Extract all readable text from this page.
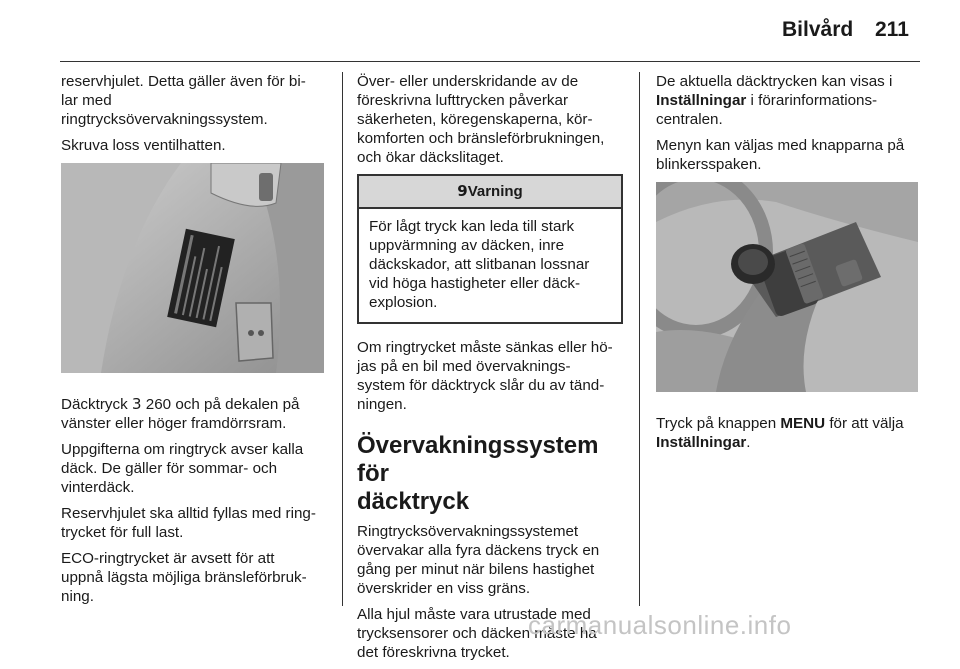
Bilvård 211

reservhjulet. Detta gäller även för bi-
lar med
ringtrycksövervakningssystem.

Skruva loss ventilhatten.

Däcktryck 3 260 och på dekalen på
vänster eller höger framdörrsram.

Uppgifterna om ringtryck avser kalla
däck. De gäller för sommar- och
vinterdäck.

Reservhjulet ska alltid fyllas med ring-
trycket för full last.

ECO-ringtrycket är avsett för att
uppnå lägsta möjliga bränsleförbruk-
ning.

Över- eller underskridande av de
föreskrivna lufttrycken påverkar
säkerheten, köregenskaperna, kör-
komforten och bränsleförbrukningen,
och ökar däckslitaget.

9Varning
För lågt tryck kan leda till stark
uppvärmning av däcken, inre
däckskador, att slitbanan lossnar
vid höga hastigheter eller däck-
explosion.

Om ringtrycket måste sänkas eller hö-
jas på en bil med övervaknings-
system för däcktryck slår du av tänd-
ningen.

Övervakningssystem för
däcktryck

Ringtrycksövervakningssystemet
övervakar alla fyra däckens tryck en
gång per minut när bilens hastighet
överskrider en viss gräns.

Alla hjul måste vara utrustade med
trycksensorer och däcken måste ha
det föreskrivna trycket.

De aktuella däcktrycken kan visas i
Inställningar i förarinformations-
centralen.

Menyn kan väljas med knapparna på
blinkersspaken.

Tryck på knappen MENU för att välja
Inställningar.

carmanualsonline.info
